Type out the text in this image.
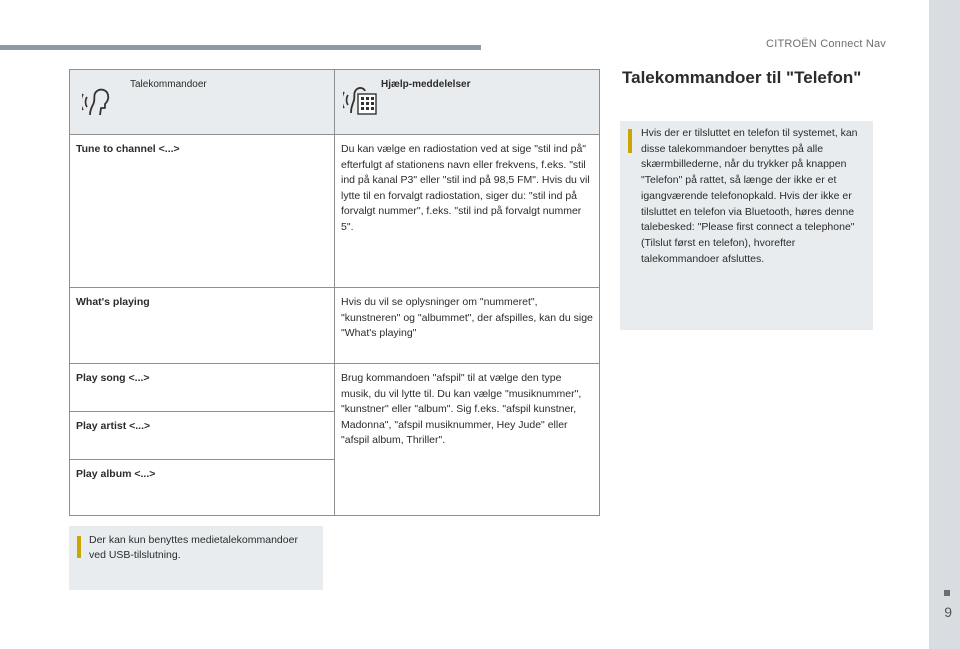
CITROËN Connect Nav
9
Talekommandoer	Hjælp-meddelelser

Tune to channel <...>	Du kan vælge en radiostation ved at sige "stil ind på" efterfulgt af stationens navn eller frekvens, f.eks. "stil ind på kanal P3" eller "stil ind på 98,5 FM". Hvis du vil lytte til en forvalgt radiostation, siger du: "stil ind på forvalgt nummer", f.eks. "stil ind på forvalgt nummer 5".
What's playing	Hvis du vil se oplysninger om "nummeret", "kunstneren" og "albummet", der afspilles, kan du sige "What's playing"
Play song <...>	Brug kommandoen "afspil" til at vælge den type musik, du vil lytte til. Du kan vælge "musiknummer", "kunstner" eller "album". Sig f.eks. "afspil kunstner, Madonna", "afspil musiknummer, Hey Jude" eller "afspil album, Thriller".
Play artist <...>	
Play album <...>	
Der kan kun benyttes medietalekommandoer ved USB-tilslutning.
Talekommandoer til "Telefon"
Hvis der er tilsluttet en telefon til systemet, kan disse talekommandoer benyttes på alle skærmbillederne, når du trykker på knappen "Telefon" på rattet, så længe der ikke er et igangværende telefonopkald. Hvis der ikke er tilsluttet en telefon via Bluetooth, høres denne talebesked: "Please first connect a telephone" (Tilslut først en telefon), hvorefter talekommandoer afsluttes.
